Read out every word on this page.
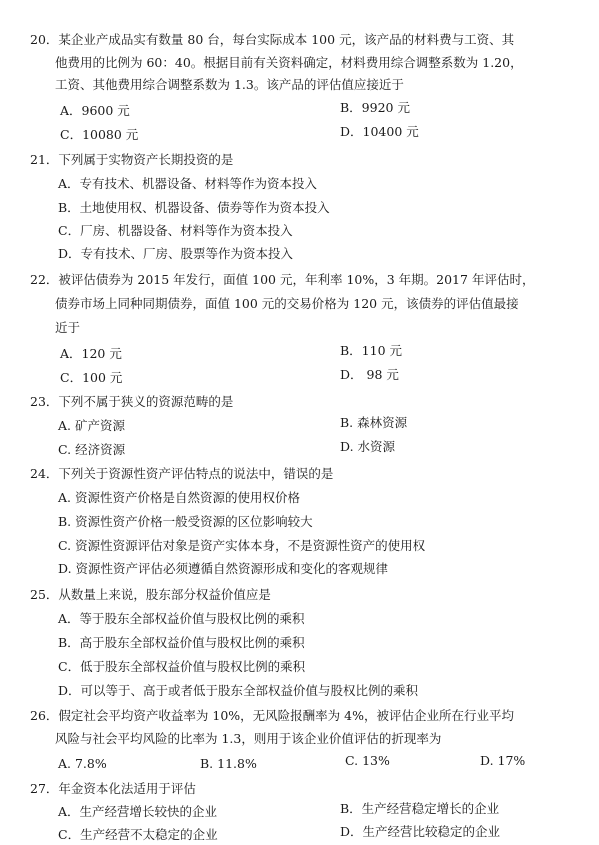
20．某企业产成品实有数量 80 台，每台实际成本 100 元，该产品的材料费与工资、其
他费用的比例为 60：40。根据目前有关资料确定，材料费用综合调整系数为 1.20，
工资、其他费用综合调整系数为 1.3。该产品的评估值应接近于
A．9600 元	B．9920 元
C．10080 元	D．10400 元
21．下列属于实物资产长期投资的是
A．专有技术、机器设备、材料等作为资本投入
B．土地使用权、机器设备、债券等作为资本投入
C．厂房、机器设备、材料等作为资本投入
D．专有技术、厂房、股票等作为资本投入
22．被评估债券为 2015 年发行，面值 100 元，年利率 10%，3 年期。2017 年评估时，
债券市场上同种同期债券，面值 100 元的交易价格为 120 元，该债券的评估值最接
近于
A．120 元	B．110 元
C．100 元	D． 98 元
23．下列不属于狭义的资源范畴的是
A. 矿产资源	B. 森林资源
C. 经济资源	D. 水资源
24．下列关于资源性资产评估特点的说法中，错误的是
A. 资源性资产价格是自然资源的使用权价格
B. 资源性资产价格一般受资源的区位影响较大
C. 资源性资源评估对象是资产实体本身，不是资源性资产的使用权
D. 资源性资产评估必须遵循自然资源形成和变化的客观规律
25．从数量上来说，股东部分权益价值应是
A．等于股东全部权益价值与股权比例的乘积
B．高于股东全部权益价值与股权比例的乘积
C．低于股东全部权益价值与股权比例的乘积
D．可以等于、高于或者低于股东全部权益价值与股权比例的乘积
26．假定社会平均资产收益率为 10%，无风险报酬率为 4%，被评估企业所在行业平均
风险与社会平均风险的比率为 1.3，则用于该企业价值评估的折现率为
A. 7.8%	B. 11.8%	C. 13%	D. 17%
27．年金资本化法适用于评估
A．生产经营增长较快的企业	B．生产经营稳定增长的企业
C．生产经营不太稳定的企业	D．生产经营比较稳定的企业
